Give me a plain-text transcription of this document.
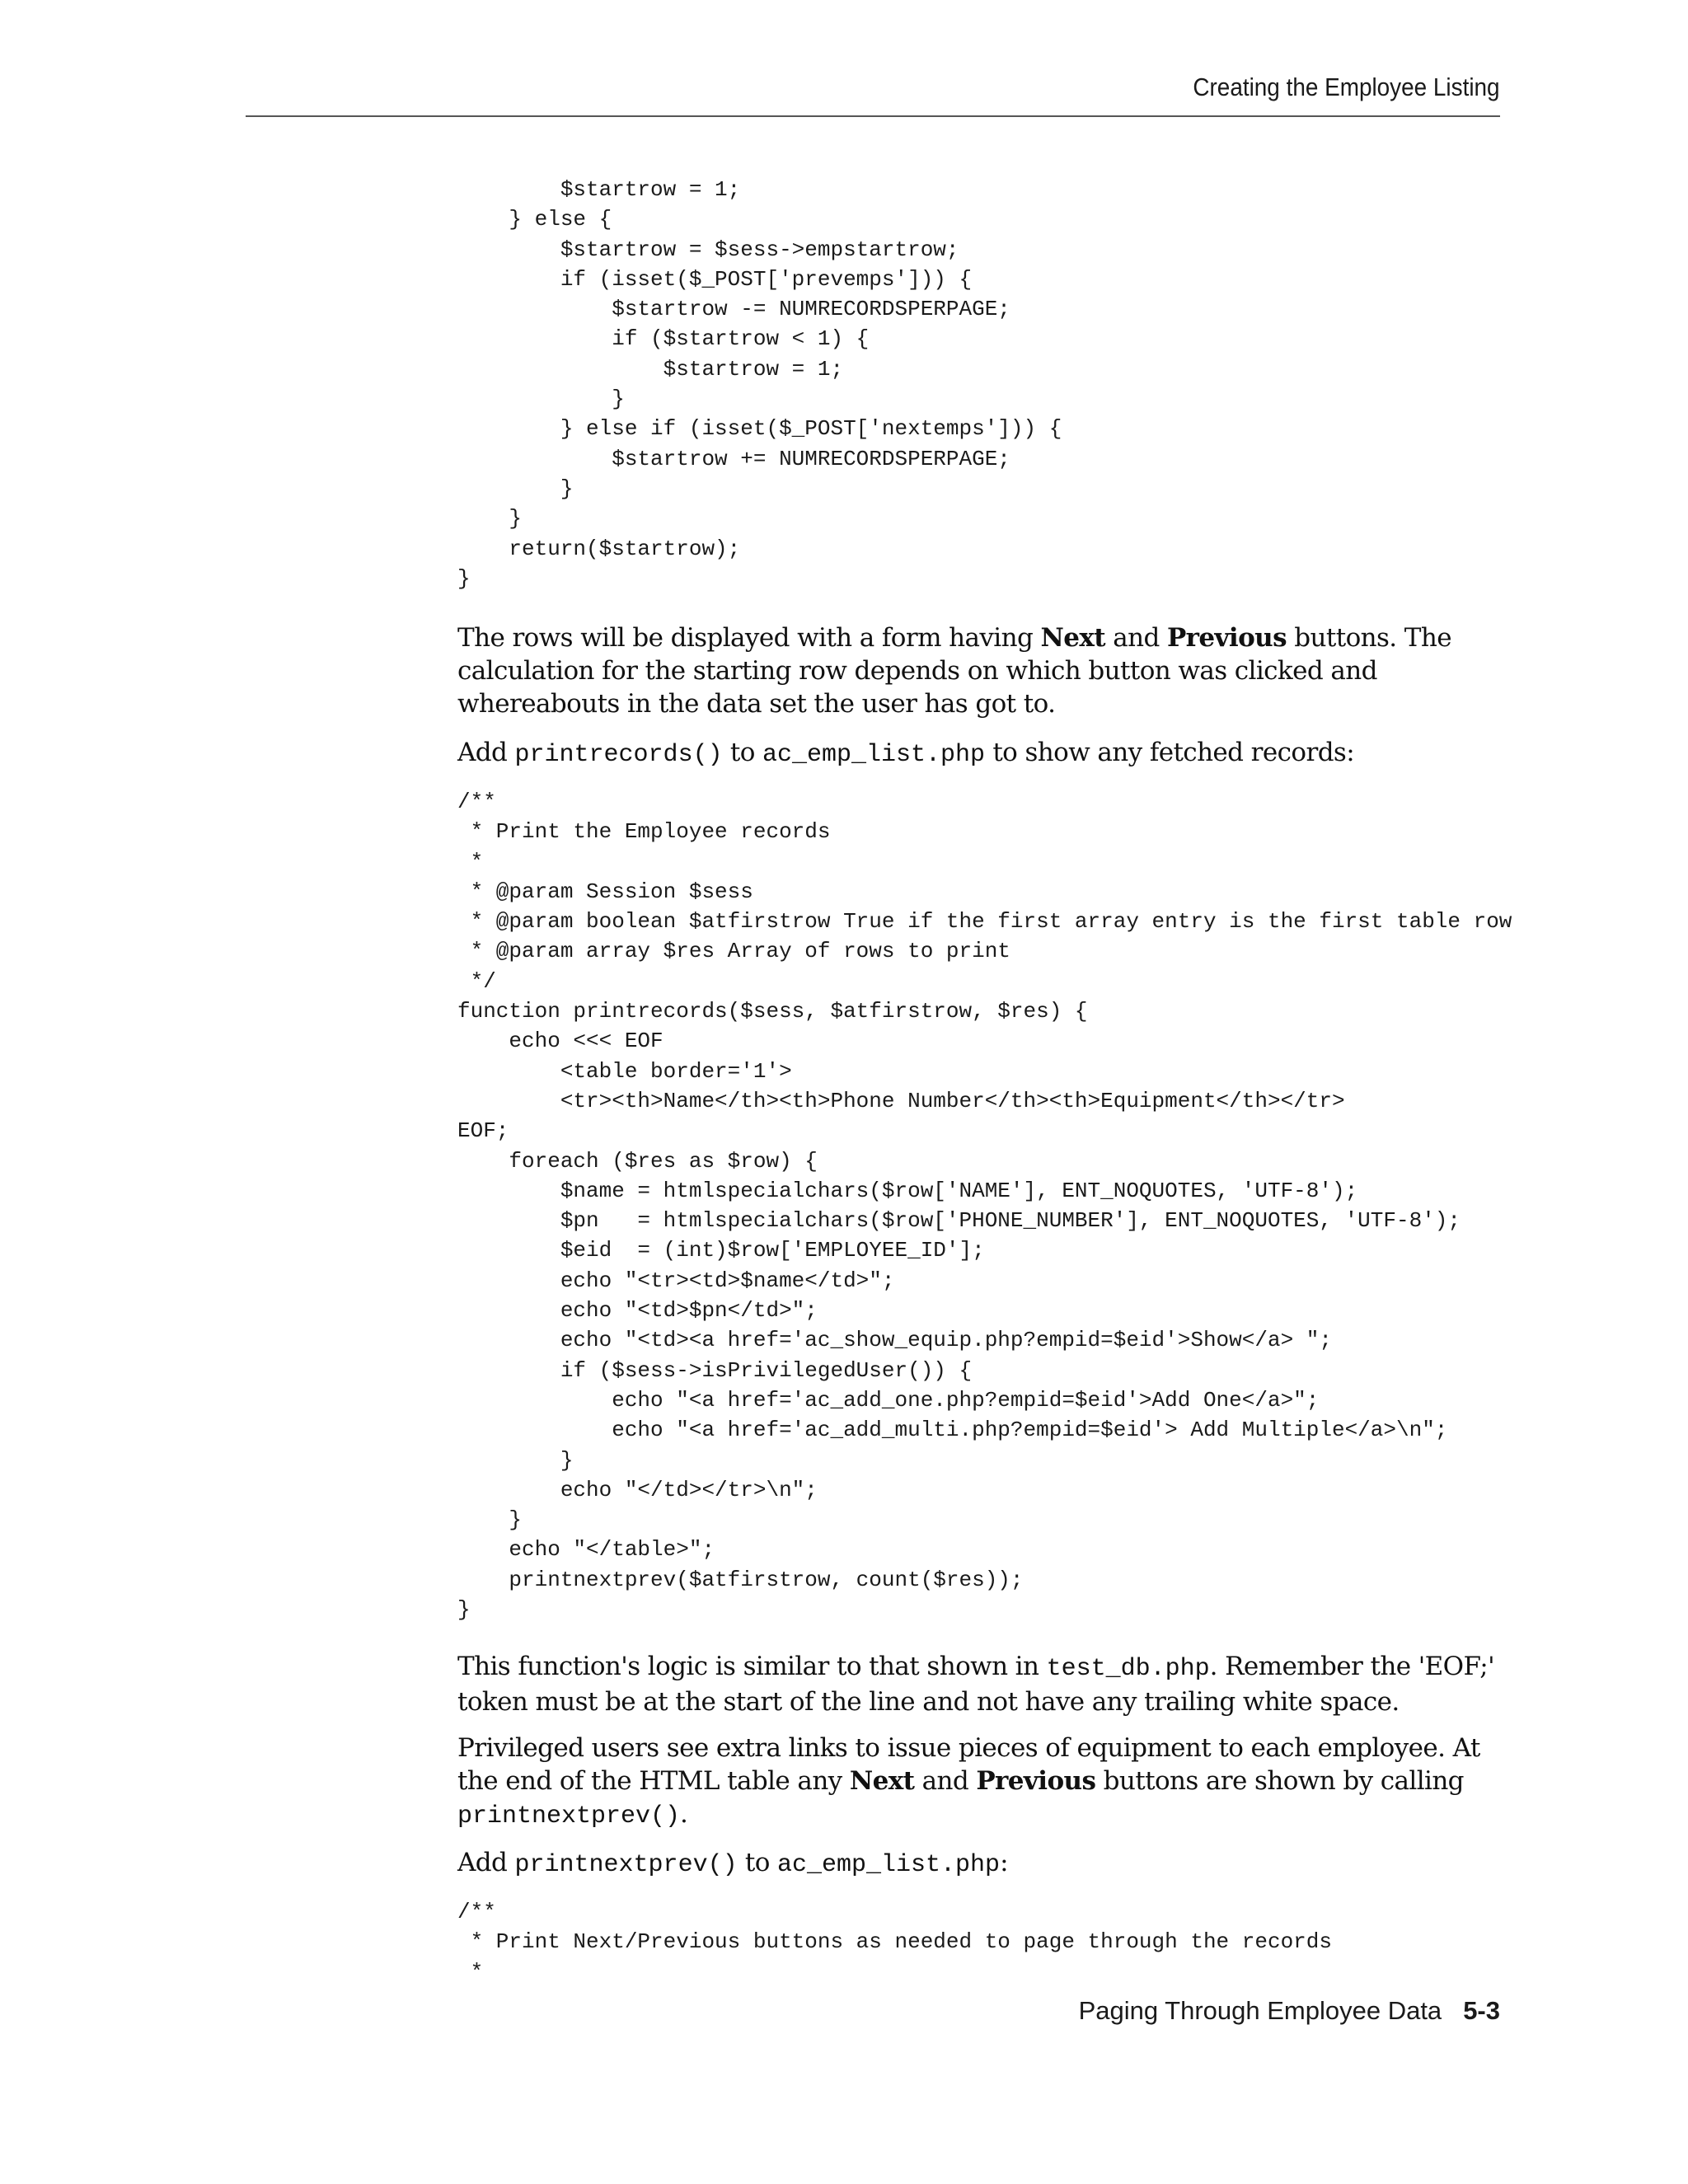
Creating the Employee Listing
$startrow = 1;
} else {
$startrow = $sess->empstartrow;
if (isset($_POST['prevemps'])) {
$startrow -= NUMRECORDSPERPAGE;
if ($startrow < 1) {
$startrow = 1;
}
} else if (isset($_POST['nextemps'])) {
$startrow += NUMRECORDSPERPAGE;
}
}
return($startrow);
}

The rows will be displayed with a form having Next and Previous buttons. The calculation for the starting row depends on which button was clicked and whereabouts in the data set the user has got to.

Add printrecords() to ac_emp_list.php to show any fetched records:

/**
* Print the Employee records
*
* @param Session $sess
* @param boolean $atfirstrow True if the first array entry is the first table row
* @param array $res Array of rows to print
*/
function printrecords($sess, $atfirstrow, $res) {
echo <<< EOF
<table border='1'>
<tr><th>Name</th><th>Phone Number</th><th>Equipment</th></tr>
EOF;
foreach ($res as $row) {
$name = htmlspecialchars($row['NAME'], ENT_NOQUOTES, 'UTF-8');
$pn   = htmlspecialchars($row['PHONE_NUMBER'], ENT_NOQUOTES, 'UTF-8');
$eid  = (int)$row['EMPLOYEE_ID'];
echo "<tr><td>$name</td>";
echo "<td>$pn</td>";
echo "<td><a href='ac_show_equip.php?empid=$eid'>Show</a> ";
if ($sess->isPrivilegedUser()) {
echo "<a href='ac_add_one.php?empid=$eid'>Add One</a>";
echo "<a href='ac_add_multi.php?empid=$eid'> Add Multiple</a>\n";
}
echo "</td></tr>\n";
}
echo "</table>";
printnextprev($atfirstrow, count($res));
}

This function's logic is similar to that shown in test_db.php. Remember the 'EOF;' token must be at the start of the line and not have any trailing white space.

Privileged users see extra links to issue pieces of equipment to each employee. At the end of the HTML table any Next and Previous buttons are shown by calling printnextprev().

Add printnextprev() to ac_emp_list.php:

/**
* Print Next/Previous buttons as needed to page through the records
*
Paging Through Employee Data 5-3
